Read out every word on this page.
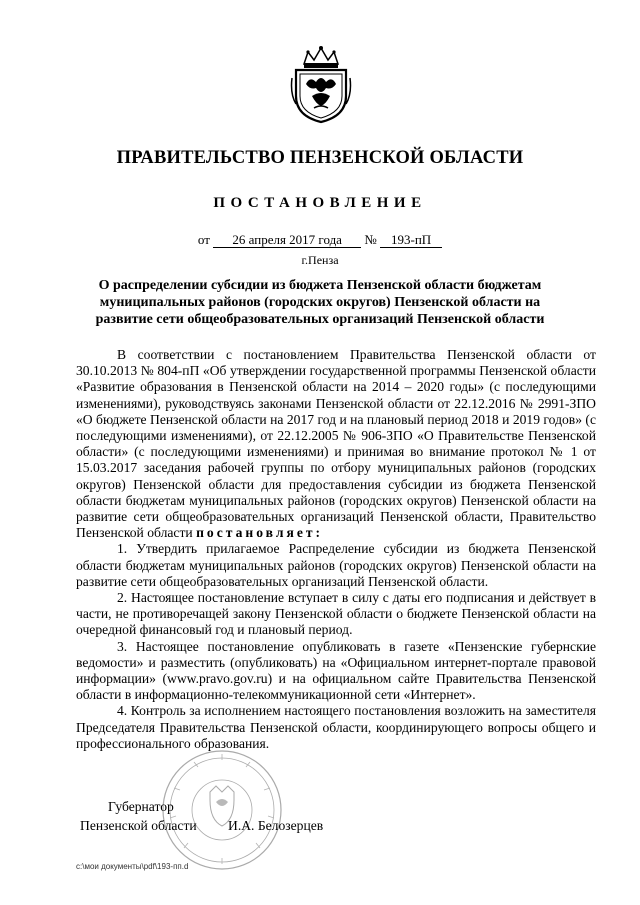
ПРАВИТЕЛЬСТВО ПЕНЗЕНСКОЙ ОБЛАСТИ
ПОСТАНОВЛЕНИЕ
от 26 апреля 2017 года № 193-пП
г.Пенза
О распределении субсидии из бюджета Пензенской области бюджетам муниципальных районов (городских округов) Пензенской области на развитие сети общеобразовательных организаций Пензенской области

В соответствии с постановлением Правительства Пензенской области от 30.10.2013 № 804-пП «Об утверждении государственной программы Пензенской области «Развитие образования в Пензенской области на 2014 – 2020 годы» (с последующими изменениями), руководствуясь законами Пензенской области от 22.12.2016 № 2991-ЗПО «О бюджете Пензенской области на 2017 год и на плановый период 2018 и 2019 годов» (с последующими изменениями), от 22.12.2005 № 906-ЗПО «О Правительстве Пензенской области» (с последующими изменениями) и принимая во внимание протокол № 1 от 15.03.2017 заседания рабочей группы по отбору муниципальных районов (городских округов) Пензенской области для предоставления субсидии из бюджета Пензенской области бюджетам муниципальных районов (городских округов) Пензенской области на развитие сети общеобразовательных организаций Пензенской области, Правительство Пензенской области постановляет:

1. Утвердить прилагаемое Распределение субсидии из бюджета Пензенской области бюджетам муниципальных районов (городских округов) Пензенской области на развитие сети общеобразовательных организаций Пензенской области.

2. Настоящее постановление вступает в силу с даты его подписания и действует в части, не противоречащей закону Пензенской области о бюджете Пензенской области на очередной финансовый год и плановый период.

3. Настоящее постановление опубликовать в газете «Пензенские губернские ведомости» и разместить (опубликовать) на «Официальном интернет-портале правовой информации» (www.pravo.gov.ru) и на официальном сайте Правительства Пензенской области в информационно-телекоммуникационной сети «Интернет».

4. Контроль за исполнением настоящего постановления возложить на заместителя Председателя Правительства Пензенской области, координирующего вопросы общего и профессионального образования.

Губернатор
Пензенской области И.А. Белозерцев
c:\мои документы\pdf\193-пп.d
